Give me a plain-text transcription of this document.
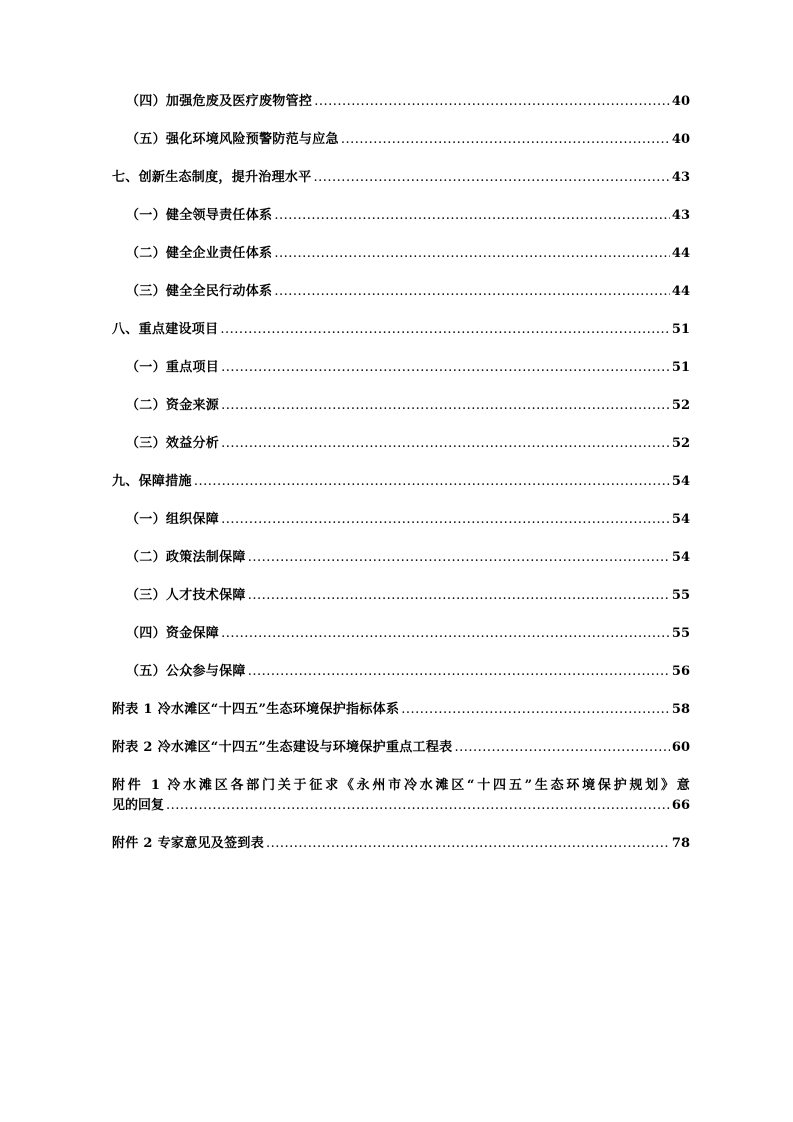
（四）加强危废及医疗废物管控 .....	40
（五）强化环境风险预警防范与应急 .....	40
七、创新生态制度，提升治理水平 .....	43
（一）健全领导责任体系 .....	43
（二）健全企业责任体系 .....	44
（三）健全全民行动体系 .....	44
八、重点建设项目 .....	51
（一）重点项目 .....	51
（二）资金来源 .....	52
（三）效益分析 .....	52
九、保障措施 .....	54
（一）组织保障 .....	54
（二）政策法制保障 .....	54
（三）人才技术保障 .....	55
（四）资金保障 .....	55
（五）公众参与保障 .....	56
附表 1 冷水滩区“十四五”生态环境保护指标体系 .....	58
附表 2 冷水滩区“十四五”生态建设与环境保护重点工程表 .....	60
附件 1 冷水滩区各部门关于征求《永州市冷水滩区“十四五”生态环境保护规划》意
见的回复 .....	66
附件 2 专家意见及签到表 .....	78
